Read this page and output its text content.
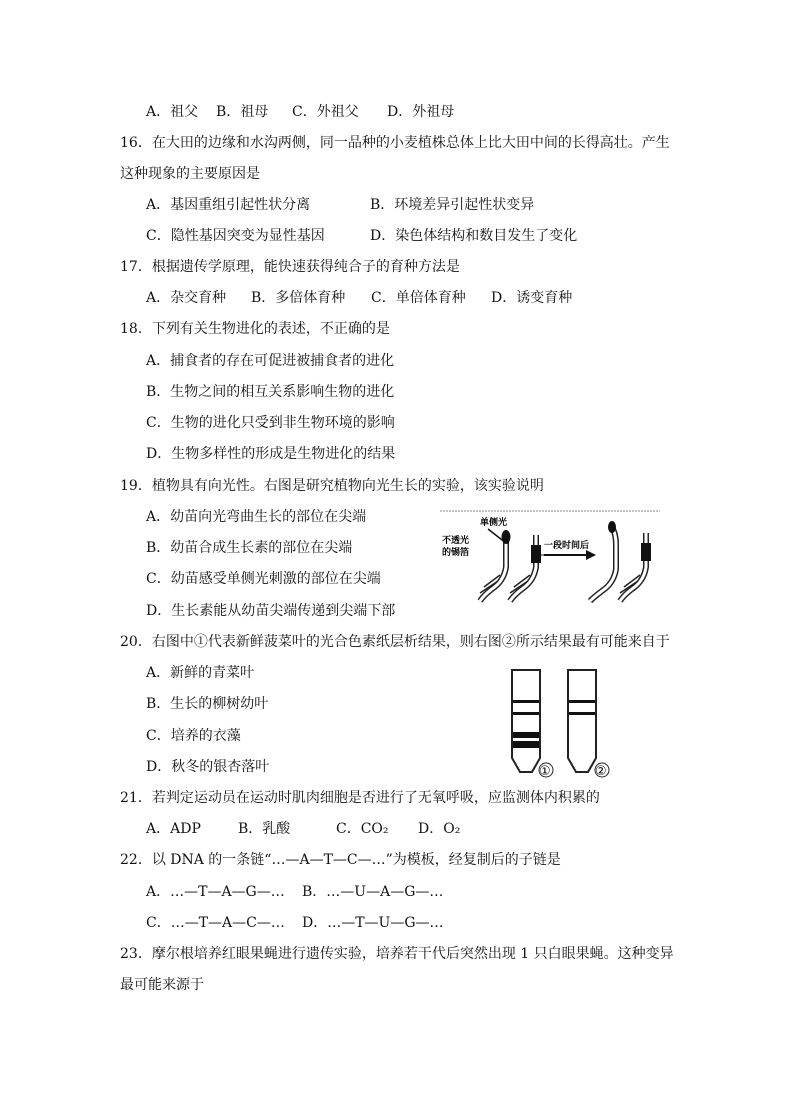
A．祖父 B．祖母 C．外祖父 D．外祖母
16．在大田的边缘和水沟两侧，同一品种的小麦植株总体上比大田中间的长得高壮。产生
这种现象的主要原因是
A．基因重组引起性状分离	B．环境差异引起性状变异
C．隐性基因突变为显性基因	D．染色体结构和数目发生了变化
17．根据遗传学原理，能快速获得纯合子的育种方法是
A．杂交育种 B．多倍体育种 C．单倍体育种 D．诱变育种
18．下列有关生物进化的表述，不正确的是
A．捕食者的存在可促进被捕食者的进化
B．生物之间的相互关系影响生物的进化
C．生物的进化只受到非生物环境的影响
D．生物多样性的形成是生物进化的结果
19．植物具有向光性。右图是研究植物向光生长的实验，该实验说明
A．幼苗向光弯曲生长的部位在尖端
B．幼苗合成生长素的部位在尖端
C．幼苗感受单侧光刺激的部位在尖端
D．生长素能从幼苗尖端传递到尖端下部
单侧光
不透光
的锡箔
一段时间后
20．右图中①代表新鲜菠菜叶的光合色素纸层析结果，则右图②所示结果最有可能来自于
A．新鲜的青菜叶
B．生长的柳树幼叶
C．培养的衣藻
D．秋冬的银杏落叶	①	②
21．若判定运动员在运动时肌肉细胞是否进行了无氧呼吸，应监测体内积累的
A．ADP	B．乳酸	C．CO₂ D．O₂
22．以 DNA 的一条链“…—A—T—C—…”为模板，经复制后的子链是
A．…—T—A—G—… B．…—U—A—G—…
C．…—T—A—C—… D．…—T—U—G—…
23．摩尔根培养红眼果蝇进行遗传实验，培养若干代后突然出现 1 只白眼果蝇。这种变异
最可能来源于
